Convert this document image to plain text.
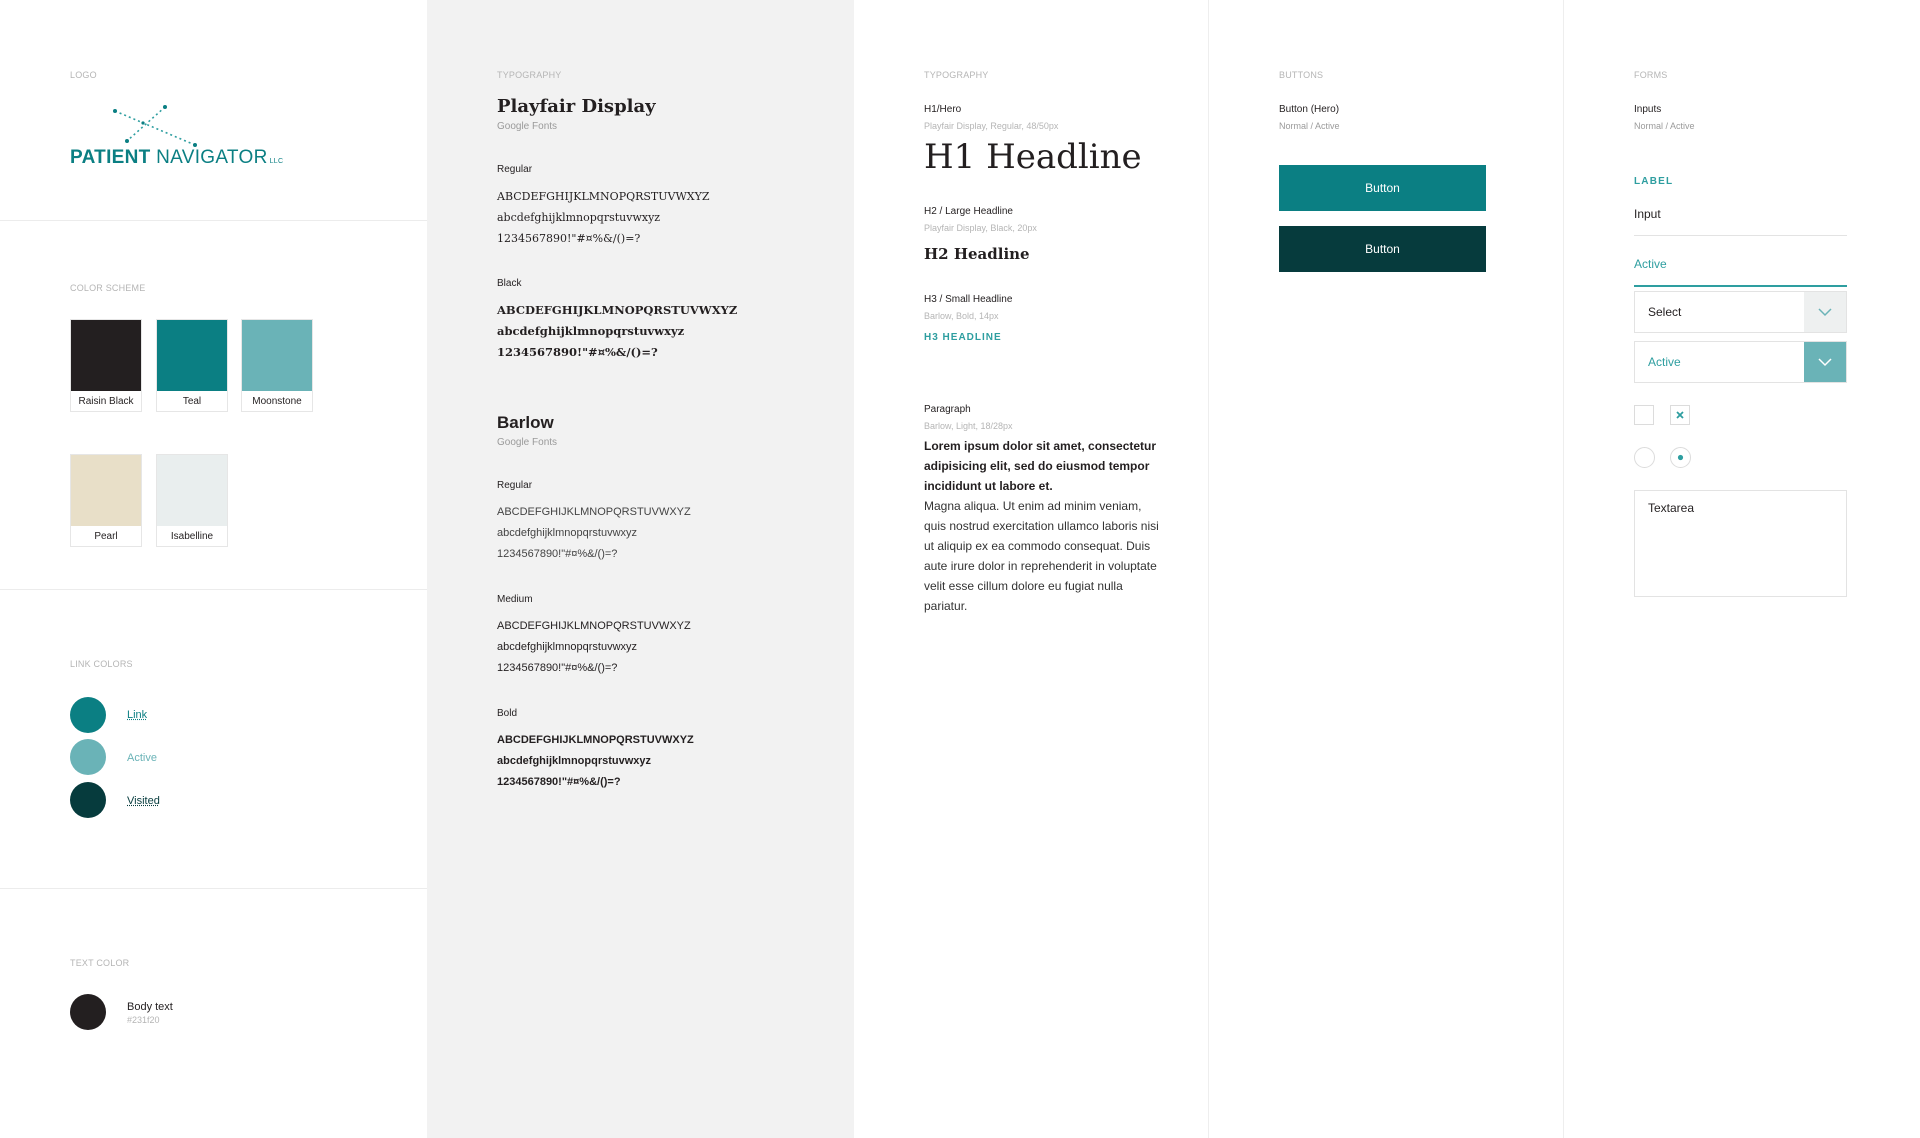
LOGO
PATIENT NAVIGATOR LLC
COLOR SCHEME
Raisin Black	Teal	Moonstone
Pearl	Isabelline
LINK COLORS
Link
Active
Visited
TEXT COLOR
Body text
#231f20
TYPOGRAPHY
Playfair Display
Google Fonts
Regular
ABCDEFGHIJKLMNOPQRSTUVWXYZ
abcdefghijklmnopqrstuvwxyz
1234567890!"#¤%&/()=?
Black
ABCDEFGHIJKLMNOPQRSTUVWXYZ
abcdefghijklmnopqrstuvwxyz
1234567890!"#¤%&/()=?
Barlow
Google Fonts
Regular
ABCDEFGHIJKLMNOPQRSTUVWXYZ
abcdefghijklmnopqrstuvwxyz
1234567890!"#¤%&/()=?
Medium
ABCDEFGHIJKLMNOPQRSTUVWXYZ
abcdefghijklmnopqrstuvwxyz
1234567890!"#¤%&/()=?
Bold
ABCDEFGHIJKLMNOPQRSTUVWXYZ
abcdefghijklmnopqrstuvwxyz
1234567890!"#¤%&/()=?
TYPOGRAPHY
H1/Hero
Playfair Display, Regular, 48/50px
H1 Headline
H2 / Large Headline
Playfair Display, Black, 20px
H2 Headline
H3 / Small Headline
Barlow, Bold, 14px
H3 HEADLINE
Paragraph
Barlow, Light, 18/28px
Lorem ipsum dolor sit amet, consectetur adipisicing elit, sed do eiusmod tempor incididunt ut labore et.
Magna aliqua. Ut enim ad minim veniam, quis nostrud exercitation ullamco laboris nisi ut aliquip ex ea commodo consequat. Duis aute irure dolor in reprehenderit in voluptate velit esse cillum dolore eu fugiat nulla pariatur.
BUTTONS
Button (Hero)
Normal / Active
Button
Button
FORMS
Inputs
Normal / Active
LABEL
Input
Active
Select
Active
Textarea
